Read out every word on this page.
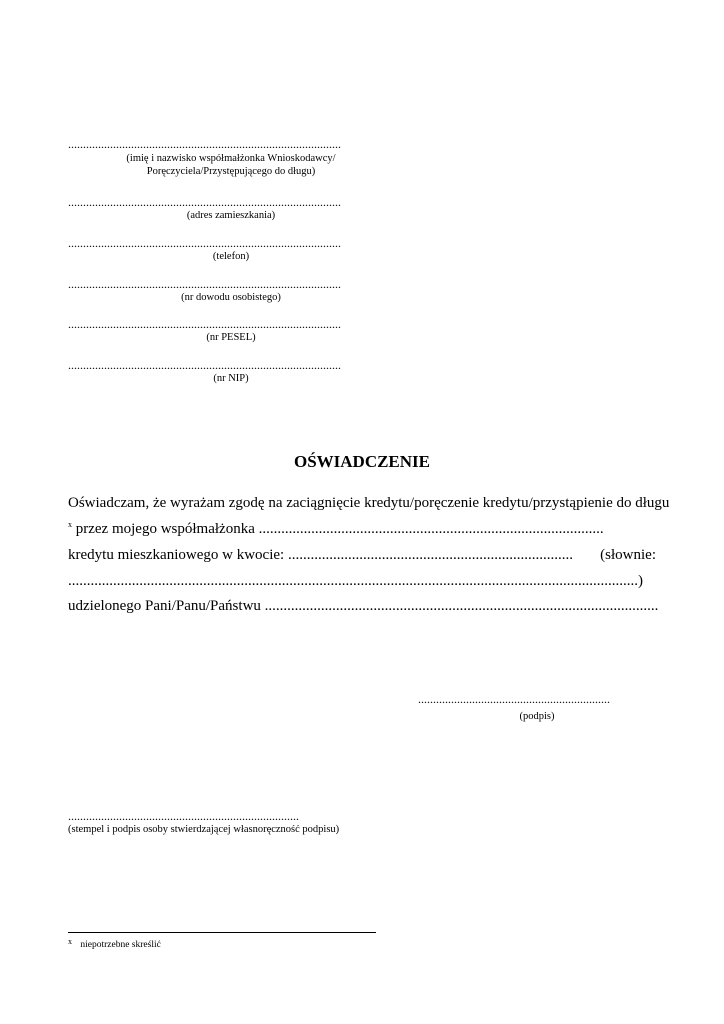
...........................................................................................
(imię i nazwisko współmałżonka Wnioskodawcy/
Poręczyciela/Przystępującego do długu)
...........................................................................................
(adres zamieszkania)
...........................................................................................
(telefon)
...........................................................................................
(nr dowodu osobistego)
...........................................................................................
(nr PESEL)
...........................................................................................
(nr NIP)
OŚWIADCZENIE
Oświadczam, że wyrażam zgodę na zaciągnięcie kredytu/poręczenie kredytu/przystąpienie do długu
$^x$ przez mojego współmałżonka ............................................................................................
kredytu mieszkaniowego w kwocie: ............................................................................ (słownie:
........................................................................................................................................................)
udzielonego Pani/Panu/Państwu .........................................................................................................
................................................................
(podpis)
.............................................................................
(stempel i podpis osoby stwierdzającej własnoręczność podpisu)
$^x$ niepotrzebne skreślić
